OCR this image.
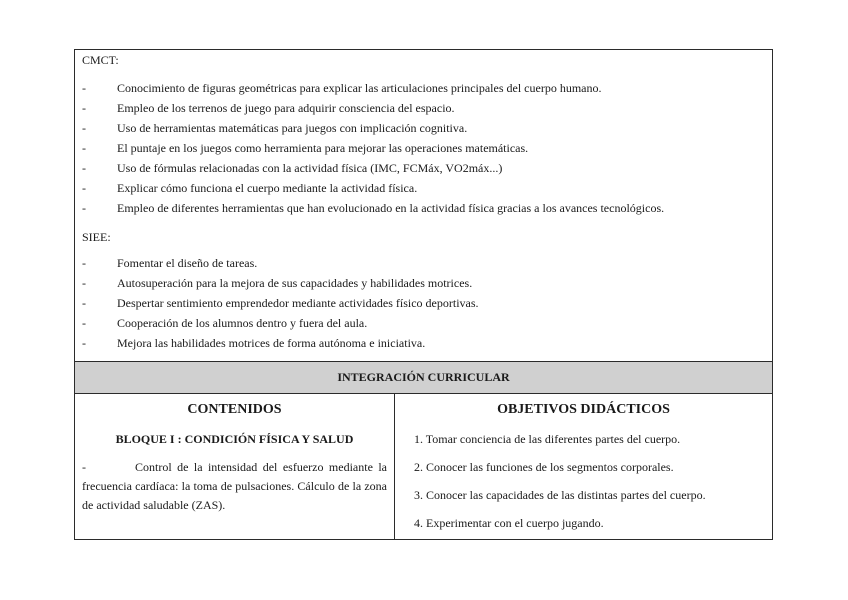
CMCT:
-	Conocimiento de figuras geométricas para explicar las articulaciones principales del cuerpo humano.
-	Empleo de los terrenos de juego para adquirir consciencia del espacio.
-	Uso de herramientas matemáticas para juegos con implicación cognitiva.
-	El puntaje en los juegos como herramienta para mejorar las operaciones matemáticas.
-	Uso de fórmulas relacionadas con la actividad física (IMC, FCMáx, VO2máx...)
-	Explicar cómo funciona el cuerpo mediante la actividad física.
-	Empleo de diferentes herramientas que han evolucionado en la actividad física gracias a los avances tecnológicos.
SIEE:
-	Fomentar el diseño de tareas.
-	Autosuperación para la mejora de sus capacidades y habilidades motrices.
-	Despertar sentimiento emprendedor mediante actividades físico deportivas.
-	Cooperación de los alumnos dentro y fuera del aula.
-	Mejora las habilidades motrices de forma autónoma e iniciativa.
INTEGRACIÓN CURRICULAR
CONTENIDOS
BLOQUE I : CONDICIÓN FÍSICA Y SALUD
-	Control de la intensidad del esfuerzo mediante la frecuencia cardíaca: la toma de pulsaciones. Cálculo de la zona de actividad saludable (ZAS).
OBJETIVOS DIDÁCTICOS
1. Tomar conciencia de las diferentes partes del cuerpo.
2. Conocer las funciones de los segmentos corporales.
3. Conocer las capacidades de las distintas partes del cuerpo.
4. Experimentar con el cuerpo jugando.
